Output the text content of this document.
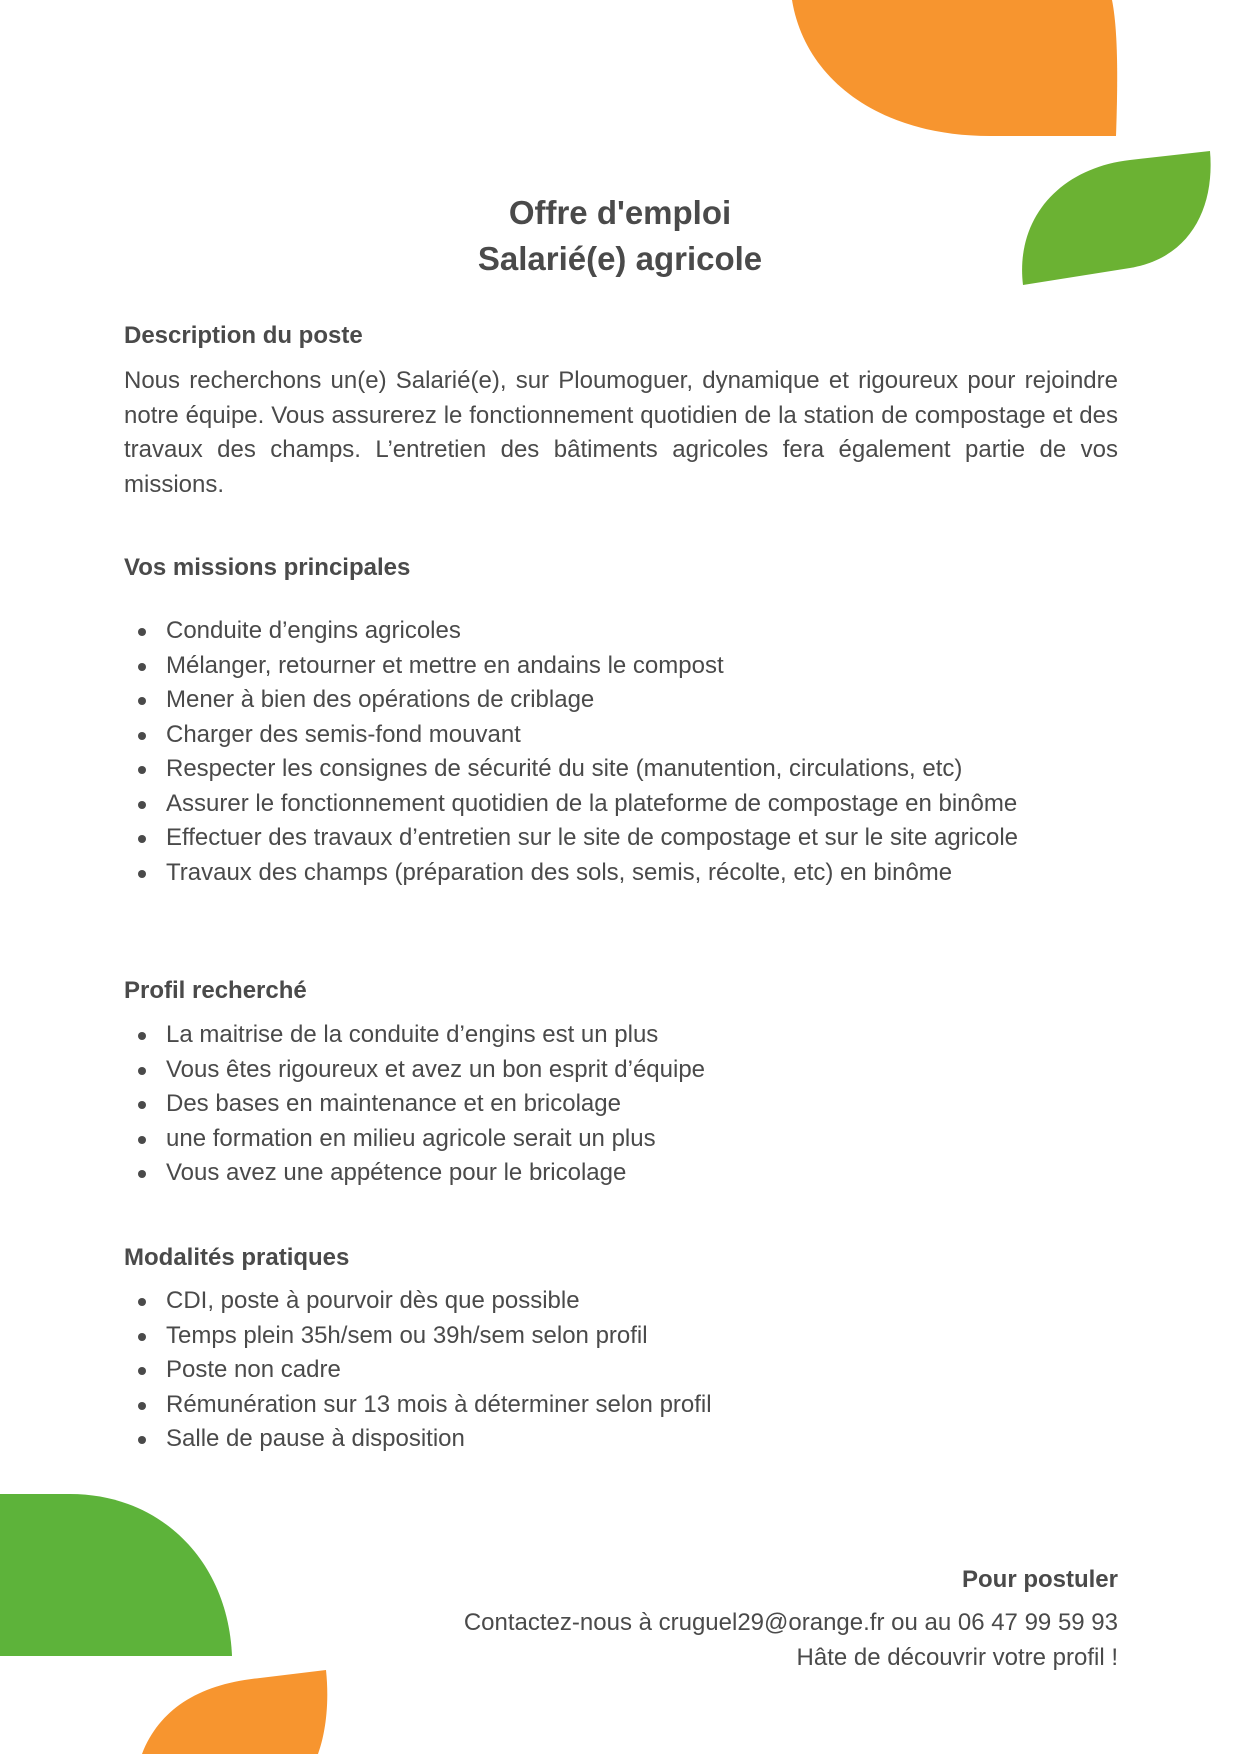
Offre d'emploi
Salarié(e) agricole
Description du poste

Nous recherchons un(e) Salarié(e), sur Ploumoguer, dynamique et rigoureux pour rejoindre notre équipe. Vous assurerez le fonctionnement quotidien de la station de compostage et des travaux des champs. L’entretien des bâtiments agricoles fera également partie de vos missions.

Vos missions principales
Conduite d’engins agricoles
Mélanger, retourner et mettre en andains le compost
Mener à bien des opérations de criblage
Charger des semis-fond mouvant
Respecter les consignes de sécurité du site (manutention, circulations, etc)
Assurer le fonctionnement quotidien de la plateforme de compostage en binôme
Effectuer des travaux d’entretien sur le site de compostage et sur le site agricole
Travaux des champs (préparation des sols, semis, récolte, etc) en binôme
Profil recherché
La maitrise de la conduite d’engins est un plus
Vous êtes rigoureux et avez un bon esprit d’équipe
Des bases en maintenance et en bricolage
une formation en milieu agricole serait un plus
Vous avez une appétence pour le bricolage
Modalités pratiques
CDI, poste à pourvoir dès que possible
Temps plein 35h/sem ou 39h/sem selon profil
Poste non cadre
Rémunération sur 13 mois à déterminer selon profil
Salle de pause à disposition
Pour postuler
Contactez-nous à cruguel29@orange.fr ou au 06 47 99 59 93
Hâte de découvrir votre profil !
